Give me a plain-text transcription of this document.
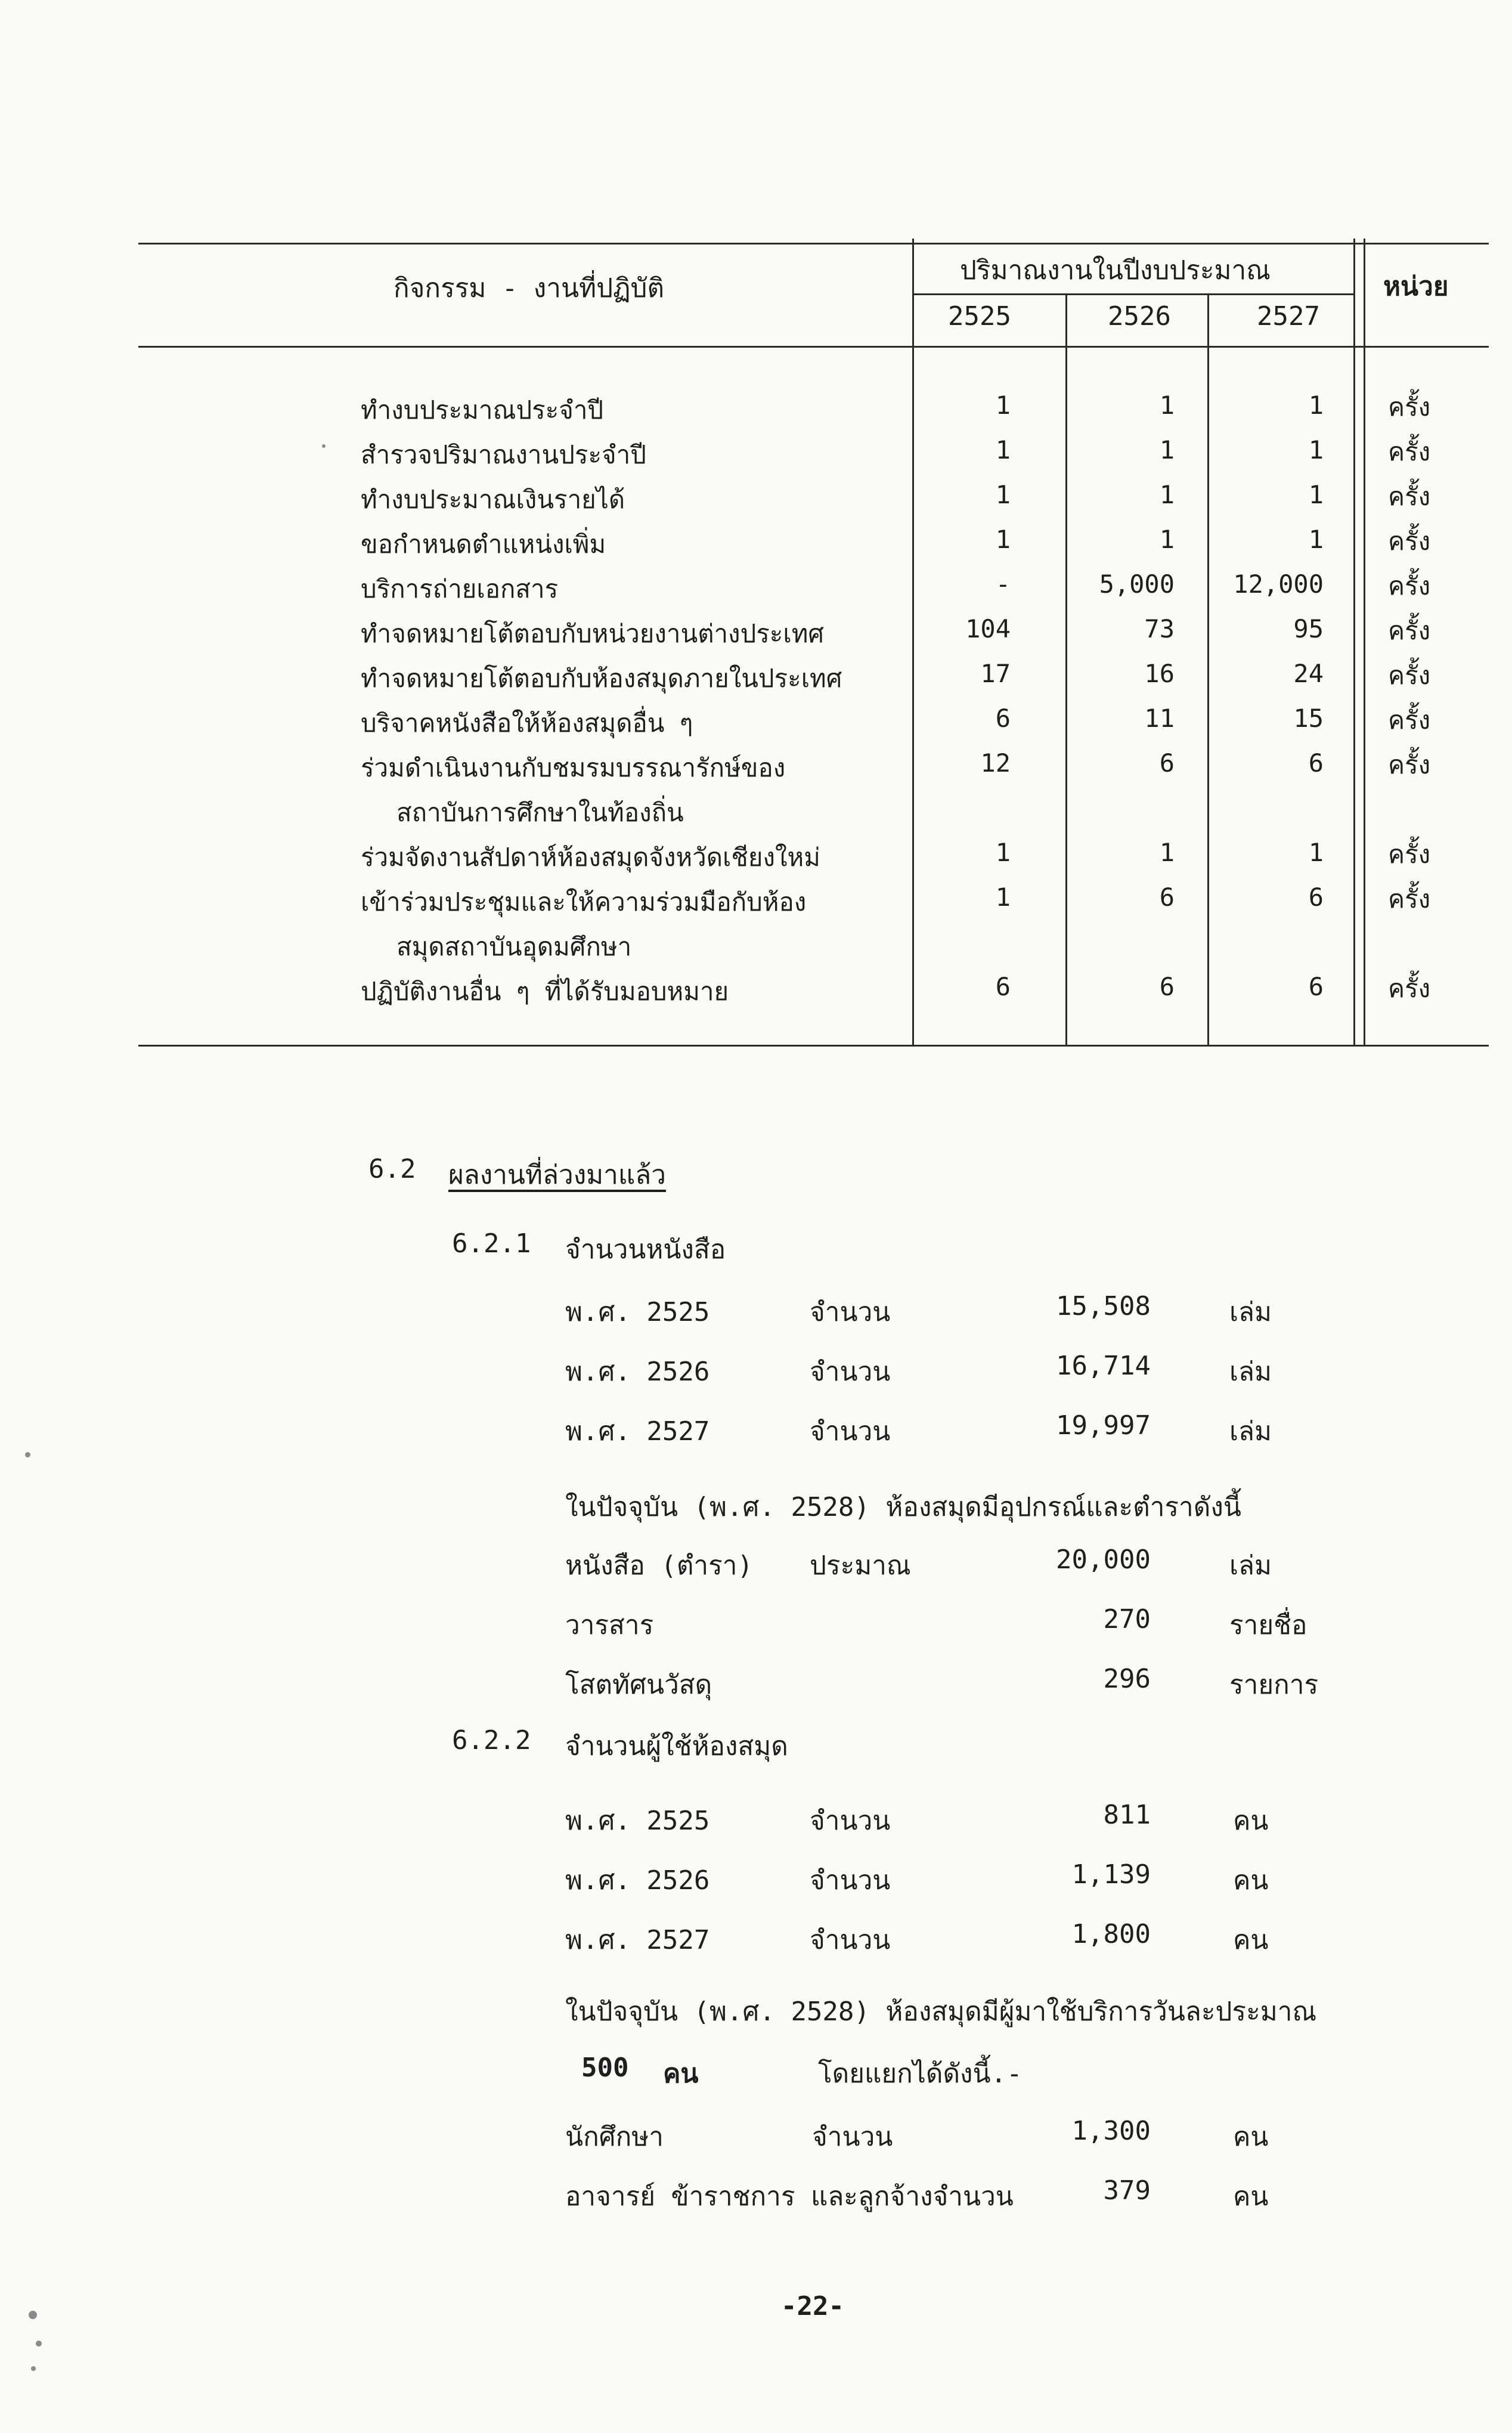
กิจกรรม - งานที่ปฏิบัติ
ปริมาณงานในปีงบประมาณ
หน่วย
2525	2526	2527
ทำงบประมาณประจำปี	1	1	1	ครั้ง
สำรวจปริมาณงานประจำปี	1	1	1	ครั้ง
ทำงบประมาณเงินรายได้	1	1	1	ครั้ง
ขอกำหนดตำแหน่งเพิ่ม	1	1	1	ครั้ง
บริการถ่ายเอกสาร	-	5,000	12,000	ครั้ง
ทำจดหมายโต้ตอบกับหน่วยงานต่างประเทศ	104	73	95	ครั้ง
ทำจดหมายโต้ตอบกับห้องสมุดภายในประเทศ	17	16	24	ครั้ง
บริจาคหนังสือให้ห้องสมุดอื่น ๆ	6	11	15	ครั้ง
ร่วมดำเนินงานกับชมรมบรรณารักษ์ของ	12	6	6	ครั้ง
สถาบันการศึกษาในท้องถิ่น
ร่วมจัดงานสัปดาห์ห้องสมุดจังหวัดเชียงใหม่	1	1	1	ครั้ง
เข้าร่วมประชุมและให้ความร่วมมือกับห้อง	1	6	6	ครั้ง
สมุดสถาบันอุดมศึกษา
ปฏิบัติงานอื่น ๆ ที่ได้รับมอบหมาย	6	6	6	ครั้ง
6.2 ผลงานที่ล่วงมาแล้ว
6.2.1 จำนวนหนังสือ
พ.ศ. 2525	จำนวน	15,508	เล่ม
พ.ศ. 2526	จำนวน	16,714	เล่ม
พ.ศ. 2527	จำนวน	19,997	เล่ม
ในปัจจุบัน (พ.ศ. 2528) ห้องสมุดมีอุปกรณ์และตำราดังนี้
หนังสือ (ตำรา) ประมาณ	20,000	เล่ม
วารสาร	270	รายชื่อ
โสตทัศนวัสดุ	296	รายการ
6.2.2 จำนวนผู้ใช้ห้องสมุด
พ.ศ. 2525	จำนวน	811	คน
พ.ศ. 2526	จำนวน	1,139	คน
พ.ศ. 2527	จำนวน	1,800	คน
ในปัจจุบัน (พ.ศ. 2528) ห้องสมุดมีผู้มาใช้บริการวันละประมาณ
500 คน	โดยแยกได้ดังนี้.-
นักศึกษา	จำนวน	1,300	คน
อาจารย์ ข้าราชการ และลูกจ้างจำนวน	379	คน
-22-
